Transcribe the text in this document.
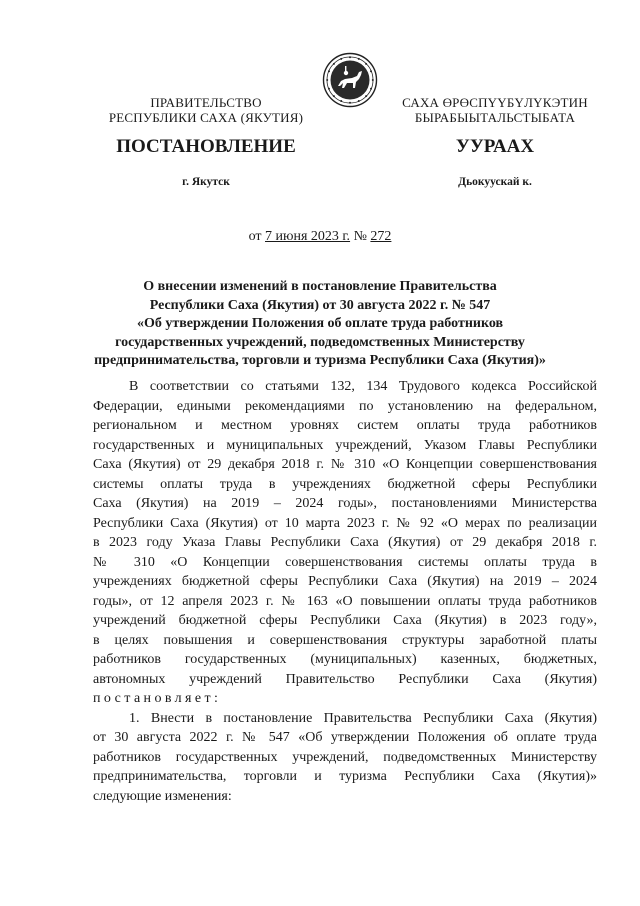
ПРАВИТЕЛЬСТВО
РЕСПУБЛИКИ САХА (ЯКУТИЯ)
САХА ӨРӨСПҮҮБҮЛҮКЭТИН
БЫРАБЫЫТАЛЬСТЫБАТА
ПОСТАНОВЛЕНИЕ	УУРААХ
г. Якутск	Дьокуускай к.
от 7 июня 2023 г. № 272
О внесении изменений в постановление Правительства
Республики Саха (Якутия) от 30 августа 2022 г. № 547
«Об утверждении Положения об оплате труда работников
государственных учреждений, подведомственных Министерству
предпринимательства, торговли и туризма Республики Саха (Якутия)»
В соответствии со статьями 132, 134 Трудового кодекса Российской
Федерации, едиными рекомендациями по установлению на федеральном,
региональном и местном уровнях систем оплаты труда работников
государственных и муниципальных учреждений, Указом Главы Республики
Саха (Якутия) от 29 декабря 2018 г. № 310 «О Концепции совершенствования
системы оплаты труда в учреждениях бюджетной сферы Республики
Саха (Якутия) на 2019 – 2024 годы», постановлениями Министерства
Республики Саха (Якутия) от 10 марта 2023 г. № 92 «О мерах по реализации
в 2023 году Указа Главы Республики Саха (Якутия) от 29 декабря 2018 г.
№ 310 «О Концепции совершенствования системы оплаты труда в
учреждениях бюджетной сферы Республики Саха (Якутия) на 2019 – 2024
годы», от 12 апреля 2023 г. № 163 «О повышении оплаты труда работников
учреждений бюджетной сферы Республики Саха (Якутия) в 2023 году»,
в целях повышения и совершенствования структуры заработной платы
работников государственных (муниципальных) казенных, бюджетных,
автономных учреждений Правительство Республики Саха (Якутия)
постановляет:
1. Внести в постановление Правительства Республики Саха (Якутия)
от 30 августа 2022 г. № 547 «Об утверждении Положения об оплате труда
работников государственных учреждений, подведомственных Министерству
предпринимательства, торговли и туризма Республики Саха (Якутия)»
следующие изменения:
